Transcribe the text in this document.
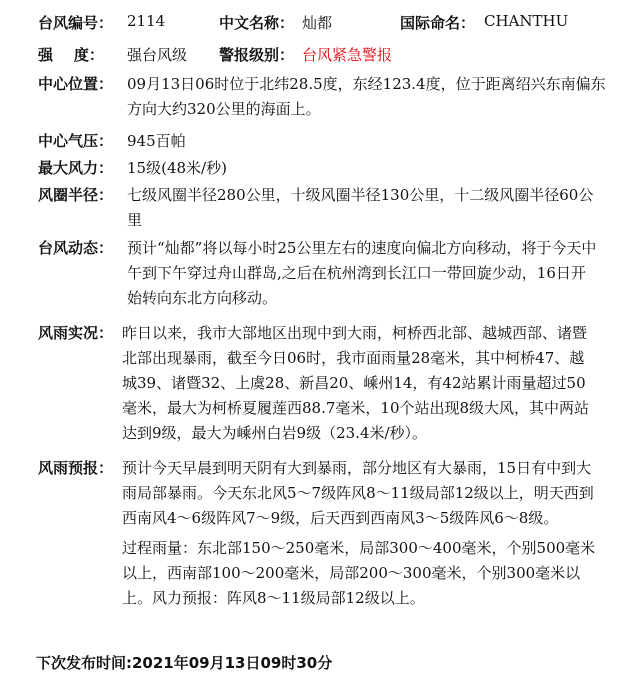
台风编号： 2114	中文名称： 灿都	国际命名： CHANTHU
强    度： 强台风级 警报级别： 台风紧急警报
中心位置： 09月13日06时位于北纬28.5度，东经123.4度，位于距离绍兴东南偏东方向大约320公里的海面上。
中心气压： 945百帕
最大风力： 15级(48米/秒)
风圈半径： 七级风圈半径280公里，十级风圈半径130公里，十二级风圈半径60公里
台风动态： 预计“灿都”将以每小时25公里左右的速度向偏北方向移动，将于今天中午到下午穿过舟山群岛,之后在杭州湾到长江口一带回旋少动，16日开始转向东北方向移动。
风雨实况： 昨日以来，我市大部地区出现中到大雨，柯桥西北部、越城西部、诸暨北部出现暴雨，截至今日06时，我市面雨量28毫米，其中柯桥47、越城39、诸暨32、上虞28、新昌20、嵊州14，有42站累计雨量超过50毫米，最大为柯桥夏履莲西88.7毫米，10个站出现8级大风，其中两站达到9级，最大为嵊州白岩9级（23.4米/秒）。
风雨预报： 预计今天早晨到明天阴有大到暴雨，部分地区有大暴雨，15日有中到大雨局部暴雨。今天东北风5～7级阵风8～11级局部12级以上，明天西到西南风4～6级阵风7～9级，后天西到西南风3～5级阵风6～8级。
过程雨量：东北部150～250毫米，局部300～400毫米，个别500毫米以上，西南部100～200毫米，局部200～300毫米，个别300毫米以上。风力预报：阵风8～11级局部12级以上。
下次发布时间:2021年09月13日09时30分
